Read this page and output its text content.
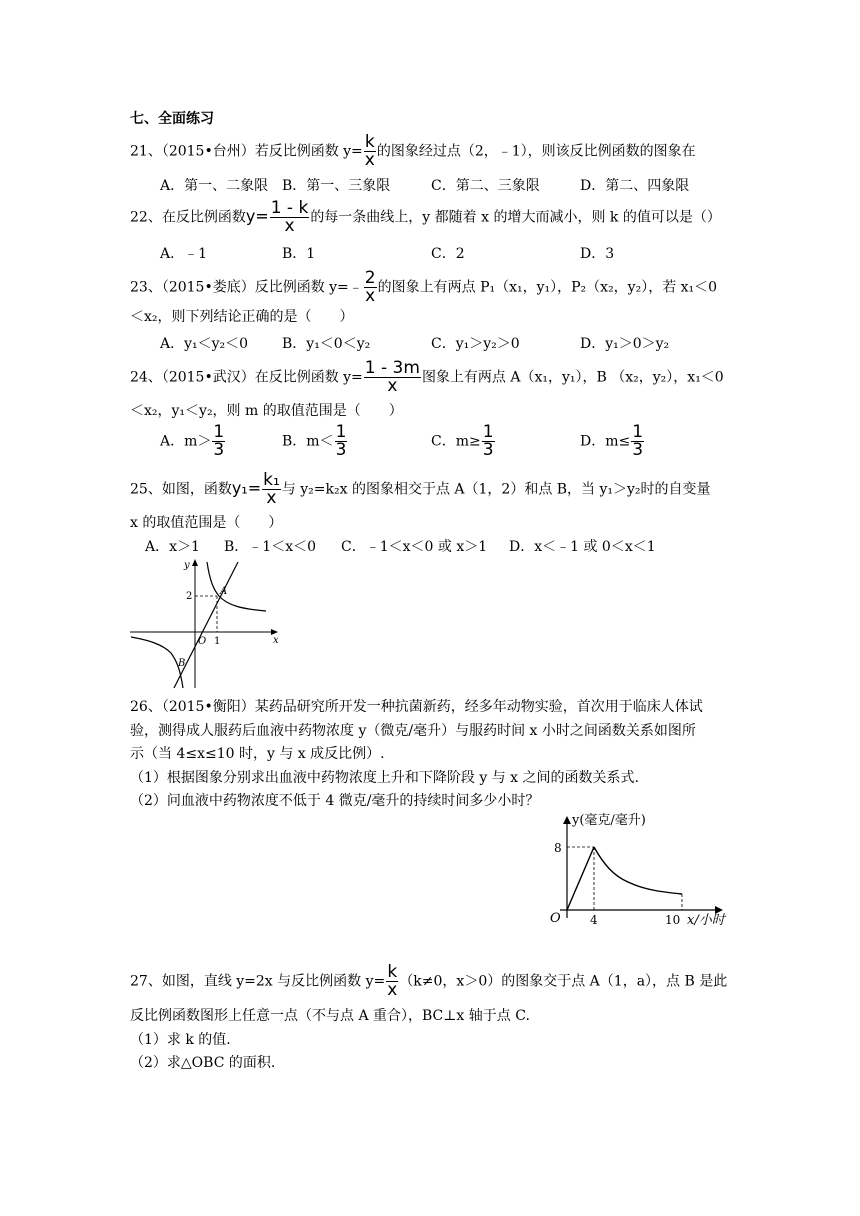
七、全面练习
21、（2015•台州）若反比例函数 $y= \frac{k}{x}$ 的图象经过点（2，﹣1），则该反比例函数的图象在
A．第一、二象限 B．第一、三象限	C．第二、三象限	D．第二、四象限
22、在反比例函数$y= \frac{1 - k}{x}$ 的每一条曲线上，y 都随着 x 的增大而减小，则 k 的值可以是（）
A．﹣1	B．1	C．2	D．3
23、（2015•娄底）反比例函数 y=﹣ $\frac{2}{x}$ 的图象上有两点 P₁（x₁，y₁），P₂（x₂，y₂），若 x₁＜0
＜x₂，则下列结论正确的是（　　）
A．y₁＜y₂＜0 B．y₁＜0＜y₂	C．y₁＞y₂＞0	D．y₁＞0＞y₂
24、（2015•武汉）在反比例函数 $y= \frac{1 - 3m}{x}$ 图象上有两点 A（x₁，y₁），B （x₂，y₂），x₁＜0
＜x₂，y₁＜y₂，则 m 的取值范围是（　　）
A．$m> \frac{1}{3}$	B．$m< \frac{1}{3}$	C．$m\ge \frac{1}{3}$	D．$m\le \frac{1}{3}$
25、如图，函数$y_1= \frac{\text{k₁}}{x}$ 与 y₂=k₂x 的图象相交于点 A（1，2）和点 B，当 y₁＞y₂时的自变量
x 的取值范围是（　　）
A．x＞1 B．﹣1＜x＜0 C．﹣1＜x＜0 或 x＞1 D．x＜﹣1 或 0＜x＜1
y
x
O
A
B
1
2
26、（2015•衡阳）某药品研究所开发一种抗菌新药，经多年动物实验，首次用于临床人体试
验，测得成人服药后血液中药物浓度 y（微克/毫升）与服药时间 x 小时之间函数关系如图所
示（当 4≤x≤10 时，y 与 x 成反比例）.
（1）根据图象分别求出血液中药物浓度上升和下降阶段 y 与 x 之间的函数关系式.
（2）问血液中药物浓度不低于 4 微克/毫升的持续时间多少小时？
y(毫克/毫升)
x/小时
O
8
4	10
27、如图，直线 y=2x 与反比例函数 $y= \frac{k}{x} (k\ne 0$，x＞0）的图象交于点 A（1，a），点 B 是此
反比例函数图形上任意一点（不与点 A 重合），BC⊥x 轴于点 C.
（1）求 k 的值.
（2）求△OBC 的面积.
